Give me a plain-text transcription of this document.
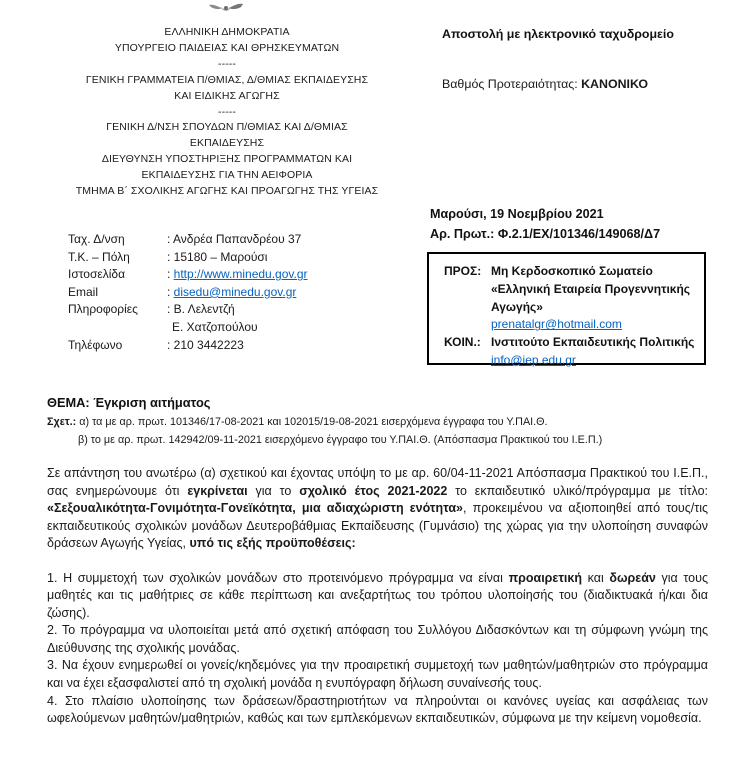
ΕΛΛΗΝΙΚΗ ΔΗΜΟΚΡΑΤΙΑ
ΥΠΟΥΡΓΕΙΟ ΠΑΙΔΕΙΑΣ ΚΑΙ ΘΡΗΣΚΕΥΜΑΤΩΝ
-----
ΓΕΝΙΚΗ ΓΡΑΜΜΑΤΕΙΑ Π/ΘΜΙΑΣ, Δ/ΘΜΙΑΣ ΕΚΠΑΙΔΕΥΣΗΣ
ΚΑΙ ΕΙΔΙΚΗΣ ΑΓΩΓΗΣ
-----
ΓΕΝΙΚΗ Δ/ΝΣΗ ΣΠΟΥΔΩΝ Π/ΘΜΙΑΣ ΚΑΙ Δ/ΘΜΙΑΣ
ΕΚΠΑΙΔΕΥΣΗΣ
ΔΙΕΥΘΥΝΣΗ ΥΠΟΣΤΗΡΙΞΗΣ ΠΡΟΓΡΑΜΜΑΤΩΝ ΚΑΙ
ΕΚΠΑΙΔΕΥΣΗΣ ΓΙΑ ΤΗΝ ΑΕΙΦΟΡΙΑ
ΤΜΗΜΑ Β΄ ΣΧΟΛΙΚΗΣ ΑΓΩΓΗΣ ΚΑΙ ΠΡΟΑΓΩΓΗΣ ΤΗΣ ΥΓΕΙΑΣ
Ταχ. Δ/νση	: Ανδρέα Παπανδρέου 37
Τ.Κ. – Πόλη	: 15180 – Μαρούσι
Ιστοσελίδα	: http://www.minedu.gov.gr
Email	: disedu@minedu.gov.gr
Πληροφορίες	: Β. Λελεντζή
Ε. Χατζοπούλου
Τηλέφωνο	: 210 3442223
Αποστολή με ηλεκτρονικό ταχυδρομείο
Βαθμός Προτεραιότητας: ΚΑΝΟΝΙΚΟ
Μαρούσι, 19 Νοεμβρίου 2021
Αρ. Πρωτ.: Φ.2.1/ΕΧ/101346/149068/Δ7
ΠΡΟΣ: Μη Κερδοσκοπικό Σωματείο
«Ελληνική Εταιρεία Προγεννητικής
Αγωγής»
prenatalgr@hotmail.com
ΚΟΙΝ.: Ινστιτούτο Εκπαιδευτικής Πολιτικής
info@iep.edu.gr
ΘΕΜΑ: Έγκριση αιτήματος
Σχετ.: α) τα με αρ. πρωτ. 101346/17-08-2021 και 102015/19-08-2021 εισερχόμενα έγγραφα του Υ.ΠΑΙ.Θ.
β) το με αρ. πρωτ. 142942/09-11-2021 εισερχόμενο έγγραφο του Υ.ΠΑΙ.Θ. (Απόσπασμα Πρακτικού του Ι.Ε.Π.)
Σε απάντηση του ανωτέρω (α) σχετικού και έχοντας υπόψη το με αρ. 60/04-11-2021 Απόσπασμα Πρακτικού του Ι.Ε.Π., σας ενημερώνουμε ότι εγκρίνεται για το σχολικό έτος 2021-2022 το εκπαιδευτικό υλικό/πρόγραμμα με τίτλο: «Σεξουαλικότητα-Γονιμότητα-Γονεϊκότητα, μια αδιαχώριστη ενότητα», προκειμένου να αξιοποιηθεί από τους/τις εκπαιδευτικούς σχολικών μονάδων Δευτεροβάθμιας Εκπαίδευσης (Γυμνάσιο) της χώρας για την υλοποίηση συναφών δράσεων Αγωγής Υγείας, υπό τις εξής προϋποθέσεις:
1. Η συμμετοχή των σχολικών μονάδων στο προτεινόμενο πρόγραμμα να είναι προαιρετική και δωρεάν για τους μαθητές και τις μαθήτριες σε κάθε περίπτωση και ανεξαρτήτως του τρόπου υλοποίησής του (διαδικτυακά ή/και δια ζώσης).
2. Το πρόγραμμα να υλοποιείται μετά από σχετική απόφαση του Συλλόγου Διδασκόντων και τη σύμφωνη γνώμη της Διεύθυνσης της σχολικής μονάδας.
3. Να έχουν ενημερωθεί οι γονείς/κηδεμόνες για την προαιρετική συμμετοχή των μαθητών/μαθητριών στο πρόγραμμα και να έχει εξασφαλιστεί από τη σχολική μονάδα η ενυπόγραφη δήλωση συναίνεσής τους.
4. Στο πλαίσιο υλοποίησης των δράσεων/δραστηριοτήτων να πληρούνται οι κανόνες υγείας και ασφάλειας των ωφελούμενων μαθητών/μαθητριών, καθώς και των εμπλεκόμενων εκπαιδευτικών, σύμφωνα με την κείμενη νομοθεσία.
